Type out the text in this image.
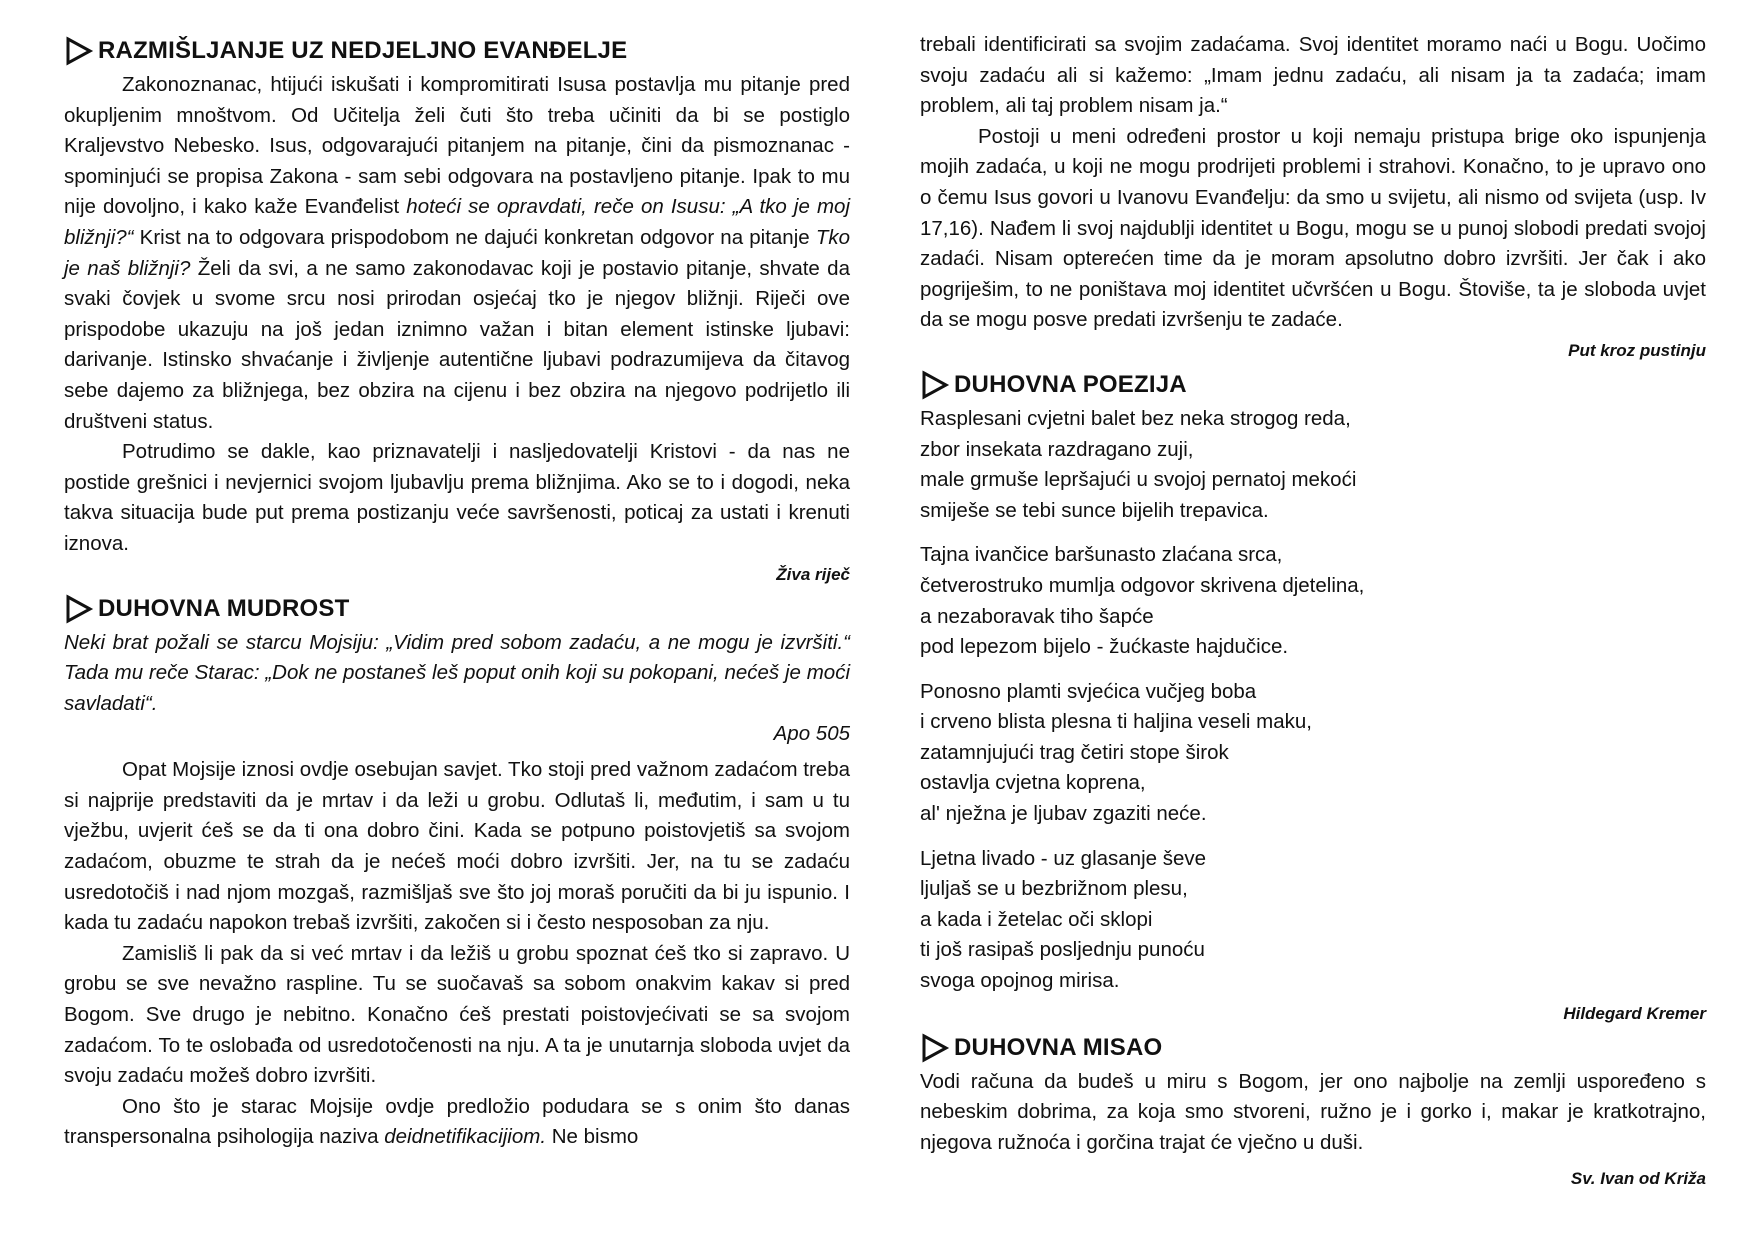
RAZMIŠLJANJE UZ NEDJELJNO EVANĐELJE

Zakonoznanac, htijući iskušati i kompromitirati Isusa postavlja mu pitanje pred okupljenim mnoštvom. Od Učitelja želi čuti što treba učiniti da bi se postiglo Kraljevstvo Nebesko. Isus, odgovarajući pitanjem na pitanje, čini da pismoznanac - spominjući se propisa Zakona - sam sebi odgovara na postavljeno pitanje. Ipak to mu nije dovoljno, i kako kaže Evanđelist hoteći se opravdati, reče on Isusu: „A tko je moj bližnji?“ Krist na to odgovara prispodobom ne dajući konkretan odgovor na pitanje Tko je naš bližnji? Želi da svi, a ne samo zakonodavac koji je postavio pitanje, shvate da svaki čovjek u svome srcu nosi prirodan osjećaj tko je njegov bližnji. Riječi ove prispodobe ukazuju na još jedan iznimno važan i bitan element istinske ljubavi: darivanje. Istinsko shvaćanje i življenje autentične ljubavi podrazumijeva da čitavog sebe dajemo za bližnjega, bez obzira na cijenu i bez obzira na njegovo podrijetlo ili društveni status.

Potrudimo se dakle, kao priznavatelji i nasljedovatelji Kristovi - da nas ne postide grešnici i nevjernici svojom ljubavlju prema bližnjima. Ako se to i dogodi, neka takva situacija bude put prema postizanju veće savršenosti, poticaj za ustati i krenuti iznova.

Živa riječ
DUHOVNA MUDROST

Neki brat požali se starcu Mojsiju: „Vidim pred sobom zadaću, a ne mogu je izvršiti.“ Tada mu reče Starac: „Dok ne postaneš leš poput onih koji su pokopani, nećeš je moći savladati“.

Apo 505

Opat Mojsije iznosi ovdje osebujan savjet. Tko stoji pred važnom zadaćom treba si najprije predstaviti da je mrtav i da leži u grobu. Odlutaš li, međutim, i sam u tu vježbu, uvjerit ćeš se da ti ona dobro čini. Kada se potpuno poistovjetiš sa svojom zadaćom, obuzme te strah da je nećeš moći dobro izvršiti. Jer, na tu se zadaću usredotočiš i nad njom mozgaš, razmišljaš sve što joj moraš poručiti da bi ju ispunio. I kada tu zadaću napokon trebaš izvršiti, zakočen si i često nesposoban za nju.

Zamisliš li pak da si već mrtav i da ležiš u grobu spoznat ćeš tko si zapravo. U grobu se sve nevažno raspline. Tu se suočavaš sa sobom onakvim kakav si pred Bogom. Sve drugo je nebitno. Konačno ćeš prestati poistovjećivati se sa svojom zadaćom. To te oslobađa od usredotočenosti na nju. A ta je unutarnja sloboda uvjet da svoju zadaću možeš dobro izvršiti.

Ono što je starac Mojsije ovdje predložio podudara se s onim što danas transpersonalna psihologija naziva deidnetifikacijiom. Ne bismo

trebali identificirati sa svojim zadaćama. Svoj identitet moramo naći u Bogu. Uočimo svoju zadaću ali si kažemo: „Imam jednu zadaću, ali nisam ja ta zadaća; imam problem, ali taj problem nisam ja.“

Postoji u meni određeni prostor u koji nemaju pristupa brige oko ispunjenja mojih zadaća, u koji ne mogu prodrijeti problemi i strahovi. Konačno, to je upravo ono o čemu Isus govori u Ivanovu Evanđelju: da smo u svijetu, ali nismo od svijeta (usp. Iv 17,16). Nađem li svoj najdublji identitet u Bogu, mogu se u punoj slobodi predati svojoj zadaći. Nisam opterećen time da je moram apsolutno dobro izvršiti. Jer čak i ako pogriješim, to ne poništava moj identitet učvršćen u Bogu. Štoviše, ta je sloboda uvjet da se mogu posve predati izvršenju te zadaće.

Put kroz pustinju
DUHOVNA POEZIJA
Rasplesani cvjetni balet bez neka strogog reda,
zbor insekata razdragano zuji,
male grmuše lepršajući u svojoj pernatoj mekoći
smiješe se tebi sunce bijelih trepavica.
Tajna ivančice baršunasto zlaćana srca,
četverostruko mumlja odgovor skrivena djetelina,
a nezaboravak tiho šapće
pod lepezom bijelo - žućkaste hajdučice.
Ponosno plamti svjećica vučjeg boba
i crveno blista plesna ti haljina veseli maku,
zatamnjujući trag četiri stope širok
ostavlja cvjetna koprena,
al' nježna je ljubav zgaziti neće.
Ljetna livado - uz glasanje ševe
ljuljaš se u bezbrižnom plesu,
a kada i žetelac oči sklopi
ti još rasipaš posljednju punoću
svoga opojnog mirisa.
Hildegard Kremer
DUHOVNA MISAO

Vodi računa da budeš u miru s Bogom, jer ono najbolje na zemlji uspoređeno s nebeskim dobrima, za koja smo stvoreni, ružno je i gorko i, makar je kratkotrajno, njegova ružnoća i gorčina trajat će vječno u duši.

Sv. Ivan od Križa
